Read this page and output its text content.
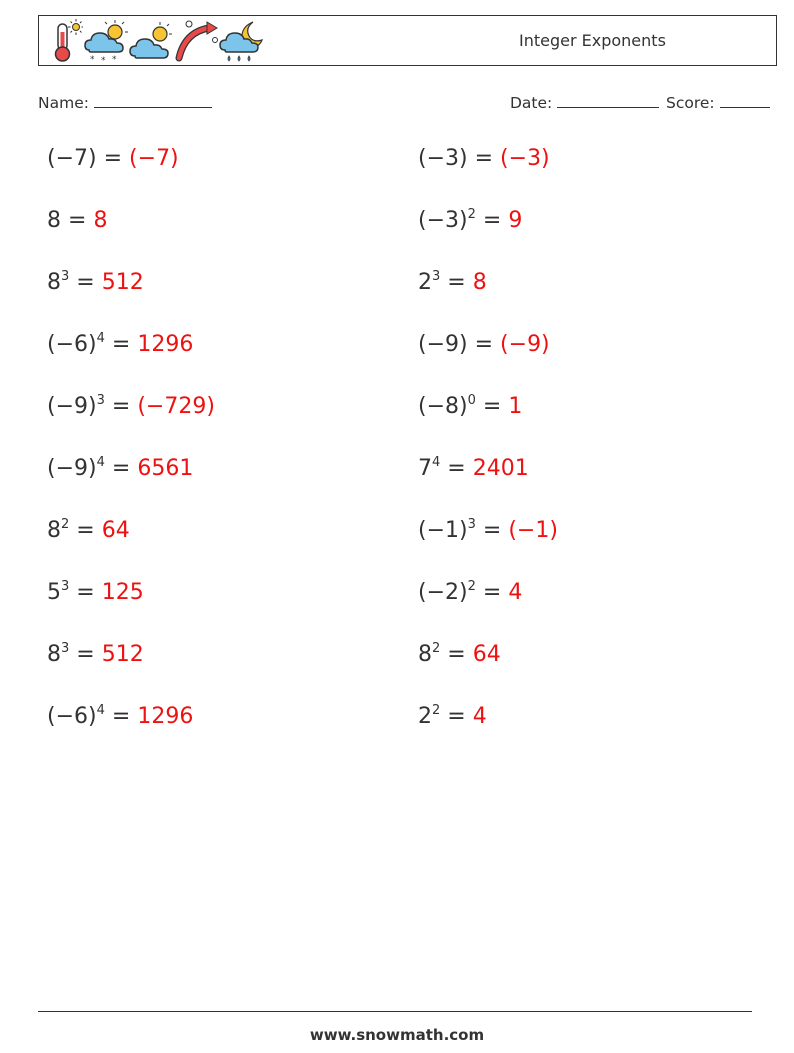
* * *
Integer Exponents
Name:	Date:	Score:
(−7) = (−7)	(−3) = (−3)
8 = 8	$(-3)^2 = 9$
$8^3 = 512$	$2^3 = 8$
$(-6)^4 = 1296$	(−9) = (−9)
$(-9)^3 = (-729)$	$(-8)^0 = 1$
$(-9)^4 = 6561$	$7^4 = 2401$
$8^2 = 64$	$(-1)^3 = (-1)$
$5^3 = 125$	$(-2)^2 = 4$
$8^3 = 512$	$8^2 = 64$
$(-6)^4 = 1296$	$2^2 = 4$
www.snowmath.com
